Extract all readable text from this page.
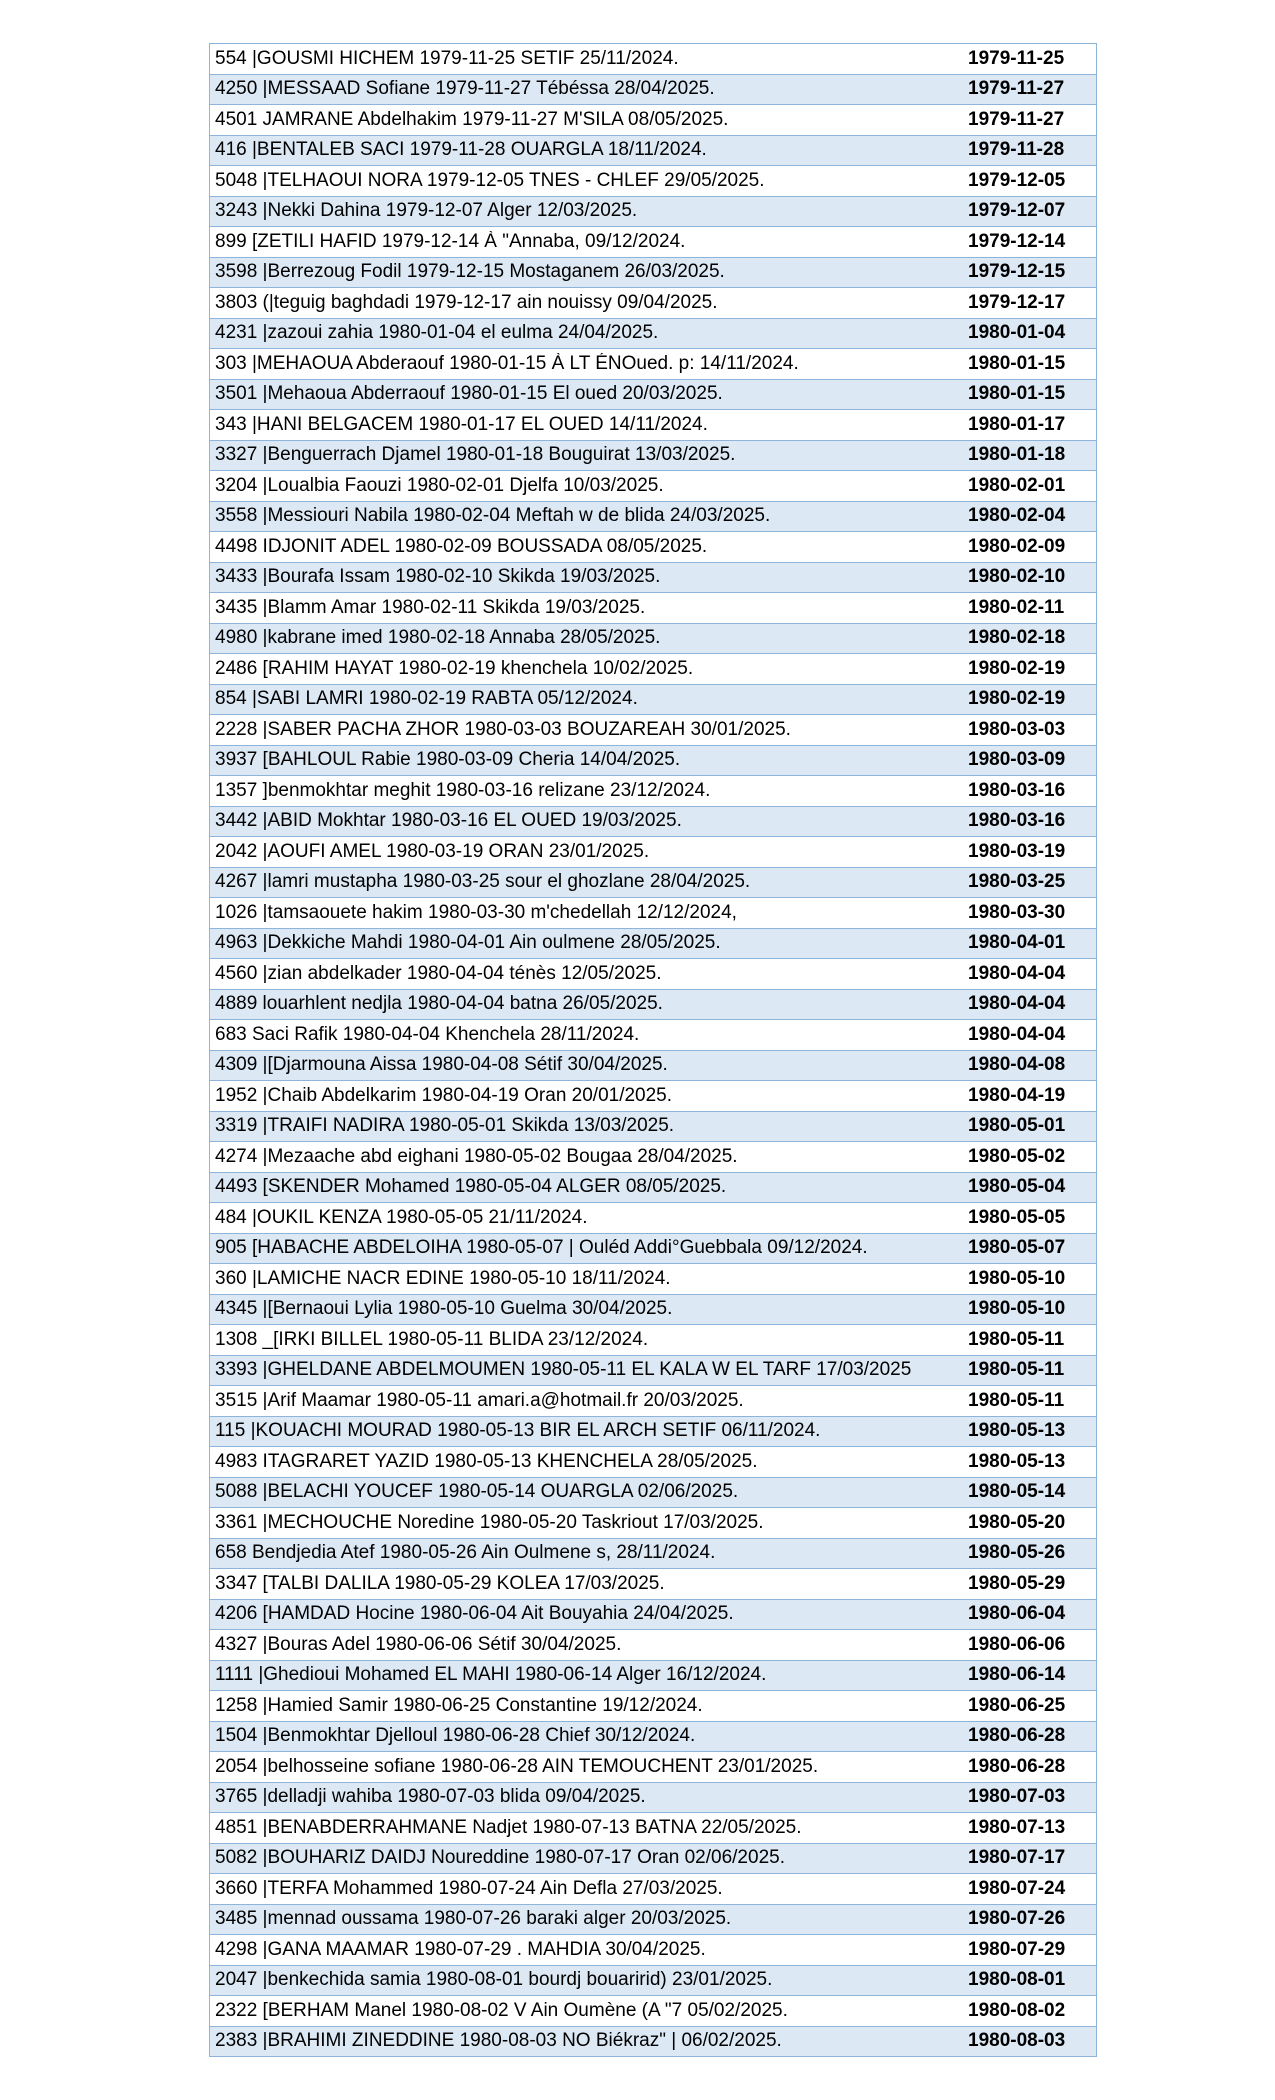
554 |GOUSMI HICHEM 1979-11-25 SETIF 25/11/2024.	1979-11-25
4250 |MESSAAD Sofiane 1979-11-27 Tébéssa 28/04/2025.	1979-11-27
4501 JAMRANE Abdelhakim 1979-11-27 M'SILA 08/05/2025.	1979-11-27
416 |BENTALEB SACI 1979-11-28 OUARGLA 18/11/2024.	1979-11-28
5048 |TELHAOUI NORA 1979-12-05 TNES - CHLEF 29/05/2025.	1979-12-05
3243 |Nekki Dahina 1979-12-07 Alger 12/03/2025.	1979-12-07
899 [ZETILI HAFID 1979-12-14 À "Annaba, 09/12/2024.	1979-12-14
3598 |Berrezoug Fodil 1979-12-15 Mostaganem 26/03/2025.	1979-12-15
3803 (|teguig baghdadi 1979-12-17 ain nouissy 09/04/2025.	1979-12-17
4231 |zazoui zahia 1980-01-04 el eulma 24/04/2025.	1980-01-04
303 |MEHAOUA Abderaouf 1980-01-15 À LT ÉNOued. p: 14/11/2024.	1980-01-15
3501 |Mehaoua Abderraouf 1980-01-15 El oued 20/03/2025.	1980-01-15
343 |HANI BELGACEM 1980-01-17 EL OUED 14/11/2024.	1980-01-17
3327 |Benguerrach Djamel 1980-01-18 Bouguirat 13/03/2025.	1980-01-18
3204 |Loualbia Faouzi 1980-02-01 Djelfa 10/03/2025.	1980-02-01
3558 |Messiouri Nabila 1980-02-04 Meftah w de blida 24/03/2025.	1980-02-04
4498 IDJONIT ADEL 1980-02-09 BOUSSADA 08/05/2025.	1980-02-09
3433 |Bourafa Issam 1980-02-10 Skikda 19/03/2025.	1980-02-10
3435 |Blamm Amar 1980-02-11 Skikda 19/03/2025.	1980-02-11
4980 |kabrane imed 1980-02-18 Annaba 28/05/2025.	1980-02-18
2486 [RAHIM HAYAT 1980-02-19 khenchela 10/02/2025.	1980-02-19
854 |SABI LAMRI 1980-02-19 RABTA 05/12/2024.	1980-02-19
2228 |SABER PACHA ZHOR 1980-03-03 BOUZAREAH 30/01/2025.	1980-03-03
3937 [BAHLOUL Rabie 1980-03-09 Cheria 14/04/2025.	1980-03-09
1357 ]benmokhtar meghit 1980-03-16 relizane 23/12/2024.	1980-03-16
3442 |ABID Mokhtar 1980-03-16 EL OUED 19/03/2025.	1980-03-16
2042 |AOUFI AMEL 1980-03-19 ORAN 23/01/2025.	1980-03-19
4267 |lamri mustapha 1980-03-25 sour el ghozlane 28/04/2025.	1980-03-25
1026 |tamsaouete hakim 1980-03-30 m'chedellah 12/12/2024,	1980-03-30
4963 |Dekkiche Mahdi 1980-04-01 Ain oulmene 28/05/2025.	1980-04-01
4560 |zian abdelkader 1980-04-04 ténès 12/05/2025.	1980-04-04
4889 louarhlent nedjla 1980-04-04 batna 26/05/2025.	1980-04-04
683 Saci Rafik 1980-04-04 Khenchela 28/11/2024.	1980-04-04
4309 |[Djarmouna Aissa 1980-04-08 Sétif 30/04/2025.	1980-04-08
1952 |Chaib Abdelkarim 1980-04-19 Oran 20/01/2025.	1980-04-19
3319 |TRAIFI NADIRA 1980-05-01 Skikda 13/03/2025.	1980-05-01
4274 |Mezaache abd eighani 1980-05-02 Bougaa 28/04/2025.	1980-05-02
4493 [SKENDER Mohamed 1980-05-04 ALGER 08/05/2025.	1980-05-04
484 |OUKIL KENZA 1980-05-05 21/11/2024.	1980-05-05
905 [HABACHE ABDELOIHA 1980-05-07 | Ouléd Addi°Guebbala 09/12/2024.	1980-05-07
360 |LAMICHE NACR EDINE 1980-05-10 18/11/2024.	1980-05-10
4345 |[Bernaoui Lylia 1980-05-10 Guelma 30/04/2025.	1980-05-10
1308 _[IRKI BILLEL 1980-05-11 BLIDA 23/12/2024.	1980-05-11
3393 |GHELDANE ABDELMOUMEN 1980-05-11 EL KALA W EL TARF 17/03/2025	1980-05-11
3515 |Arif Maamar 1980-05-11 amari.a@hotmail.fr 20/03/2025.	1980-05-11
115 |KOUACHI MOURAD 1980-05-13 BIR EL ARCH SETIF 06/11/2024.	1980-05-13
4983 ITAGRARET YAZID 1980-05-13 KHENCHELA 28/05/2025.	1980-05-13
5088 |BELACHI YOUCEF 1980-05-14 OUARGLA 02/06/2025.	1980-05-14
3361 |MECHOUCHE Noredine 1980-05-20 Taskriout 17/03/2025.	1980-05-20
658 Bendjedia Atef 1980-05-26 Ain Oulmene s, 28/11/2024.	1980-05-26
3347 [TALBI DALILA 1980-05-29 KOLEA 17/03/2025.	1980-05-29
4206 [HAMDAD Hocine 1980-06-04 Ait Bouyahia 24/04/2025.	1980-06-04
4327 |Bouras Adel 1980-06-06 Sétif 30/04/2025.	1980-06-06
1111 |Ghedioui Mohamed EL MAHI 1980-06-14 Alger 16/12/2024.	1980-06-14
1258 |Hamied Samir 1980-06-25 Constantine 19/12/2024.	1980-06-25
1504 |Benmokhtar Djelloul 1980-06-28 Chief 30/12/2024.	1980-06-28
2054 |belhosseine sofiane 1980-06-28 AIN TEMOUCHENT 23/01/2025.	1980-06-28
3765 |delladji wahiba 1980-07-03 blida 09/04/2025.	1980-07-03
4851 |BENABDERRAHMANE Nadjet 1980-07-13 BATNA 22/05/2025.	1980-07-13
5082 |BOUHARIZ DAIDJ Noureddine 1980-07-17 Oran 02/06/2025.	1980-07-17
3660 |TERFA Mohammed 1980-07-24 Ain Defla 27/03/2025.	1980-07-24
3485 |mennad oussama 1980-07-26 baraki alger 20/03/2025.	1980-07-26
4298 |GANA MAAMAR 1980-07-29 . MAHDIA 30/04/2025.	1980-07-29
2047 |benkechida samia 1980-08-01 bourdj bouaririd) 23/01/2025.	1980-08-01
2322 [BERHAM Manel 1980-08-02 V Ain Oumène (A "7 05/02/2025.	1980-08-02
2383 |BRAHIMI ZINEDDINE 1980-08-03 NO Biékraz" | 06/02/2025.	1980-08-03
